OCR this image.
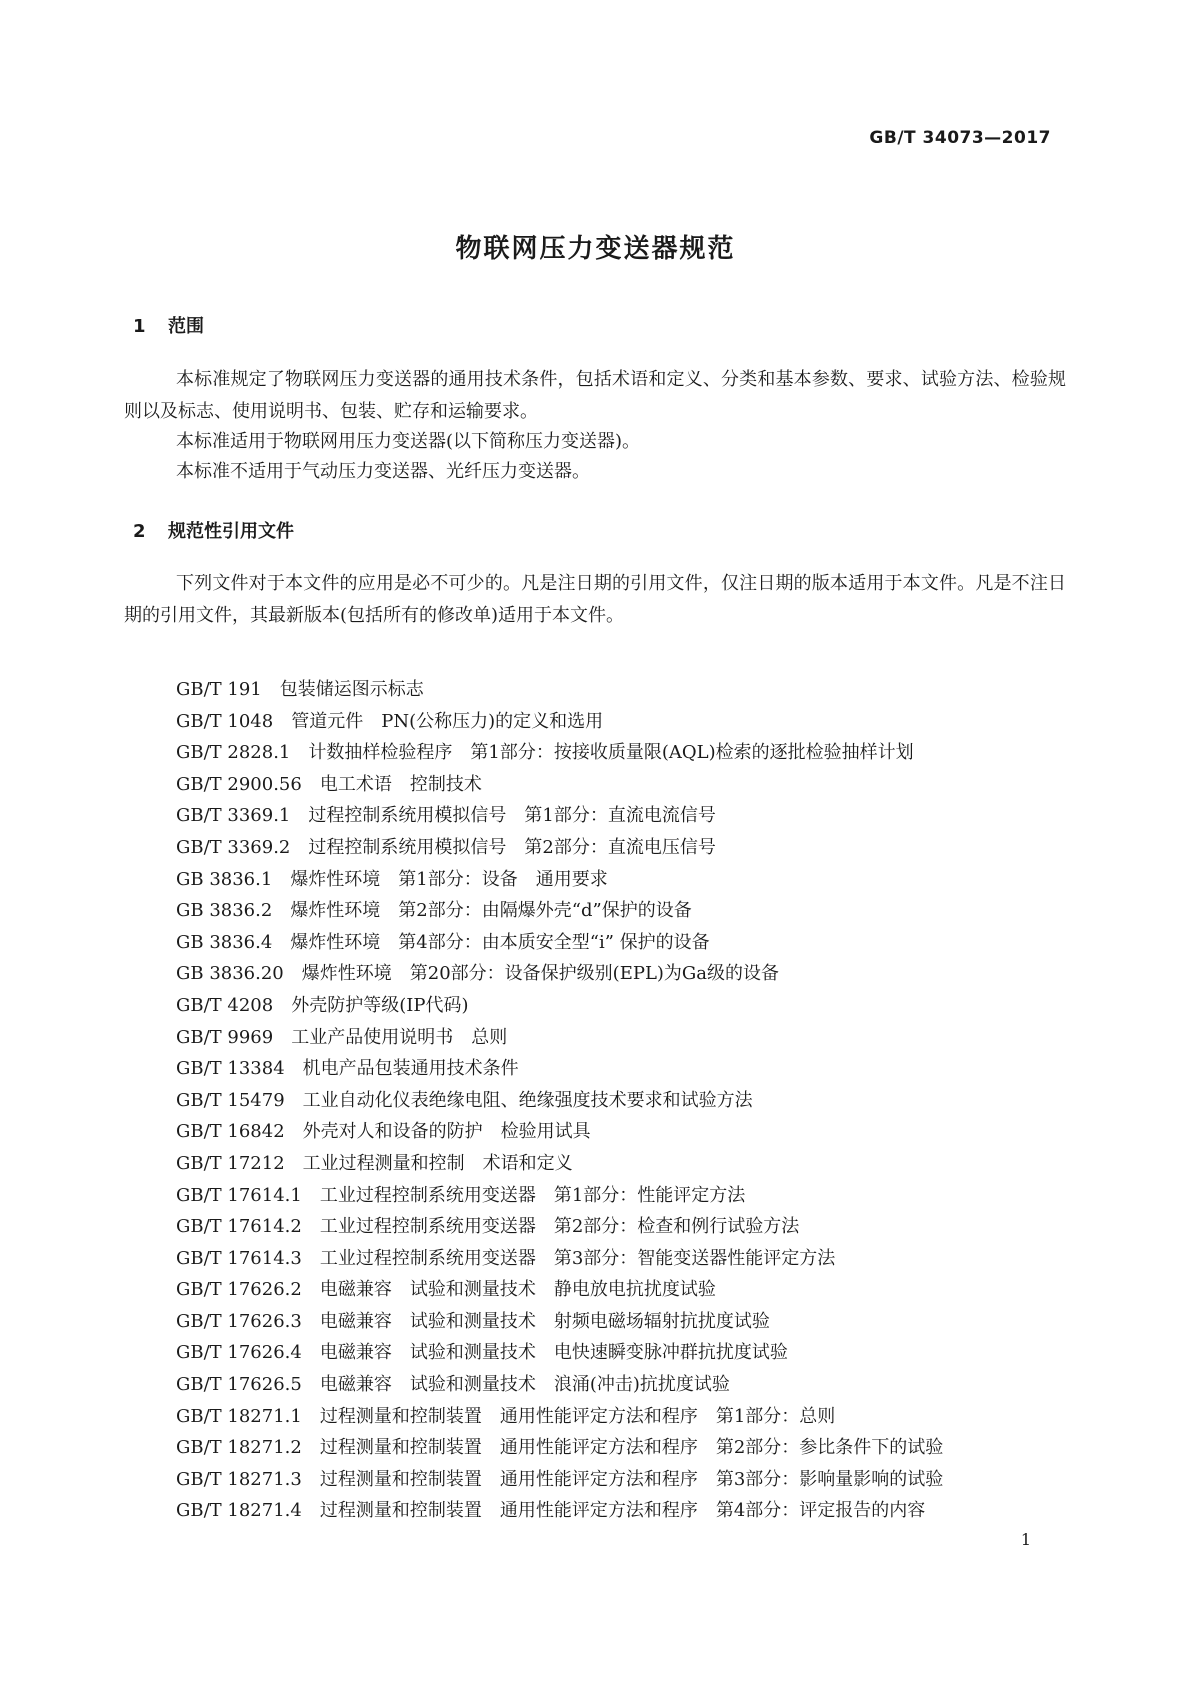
GB/T 34073—2017
物联网压力变送器规范
1 范围

本标准规定了物联网压力变送器的通用技术条件，包括术语和定义、分类和基本参数、要求、试验方法、检验规则以及标志、使用说明书、包装、贮存和运输要求。

本标准适用于物联网用压力变送器(以下简称压力变送器)。

本标准不适用于气动压力变送器、光纤压力变送器。

2 规范性引用文件

下列文件对于本文件的应用是必不可少的。凡是注日期的引用文件，仅注日期的版本适用于本文件。凡是不注日期的引用文件，其最新版本(包括所有的修改单)适用于本文件。

GB/T 191 包装储运图示标志
GB/T 1048 管道元件　PN(公称压力)的定义和选用
GB/T 2828.1 计数抽样检验程序　第1部分：按接收质量限(AQL)检索的逐批检验抽样计划
GB/T 2900.56 电工术语　控制技术
GB/T 3369.1 过程控制系统用模拟信号　第1部分：直流电流信号
GB/T 3369.2 过程控制系统用模拟信号　第2部分：直流电压信号
GB 3836.1 爆炸性环境　第1部分：设备　通用要求
GB 3836.2 爆炸性环境　第2部分：由隔爆外壳“d”保护的设备
GB 3836.4 爆炸性环境　第4部分：由本质安全型“i” 保护的设备
GB 3836.20 爆炸性环境　第20部分：设备保护级别(EPL)为Ga级的设备
GB/T 4208 外壳防护等级(IP代码)
GB/T 9969 工业产品使用说明书　总则
GB/T 13384 机电产品包装通用技术条件
GB/T 15479 工业自动化仪表绝缘电阻、绝缘强度技术要求和试验方法
GB/T 16842 外壳对人和设备的防护　检验用试具
GB/T 17212 工业过程测量和控制　术语和定义
GB/T 17614.1 工业过程控制系统用变送器　第1部分：性能评定方法
GB/T 17614.2 工业过程控制系统用变送器　第2部分：检查和例行试验方法
GB/T 17614.3 工业过程控制系统用变送器　第3部分：智能变送器性能评定方法
GB/T 17626.2 电磁兼容　试验和测量技术　静电放电抗扰度试验
GB/T 17626.3 电磁兼容　试验和测量技术　射频电磁场辐射抗扰度试验
GB/T 17626.4 电磁兼容　试验和测量技术　电快速瞬变脉冲群抗扰度试验
GB/T 17626.5 电磁兼容　试验和测量技术　浪涌(冲击)抗扰度试验
GB/T 18271.1 过程测量和控制装置　通用性能评定方法和程序　第1部分：总则
GB/T 18271.2 过程测量和控制装置　通用性能评定方法和程序　第2部分：参比条件下的试验
GB/T 18271.3 过程测量和控制装置　通用性能评定方法和程序　第3部分：影响量影响的试验
GB/T 18271.4 过程测量和控制装置　通用性能评定方法和程序　第4部分：评定报告的内容
1
